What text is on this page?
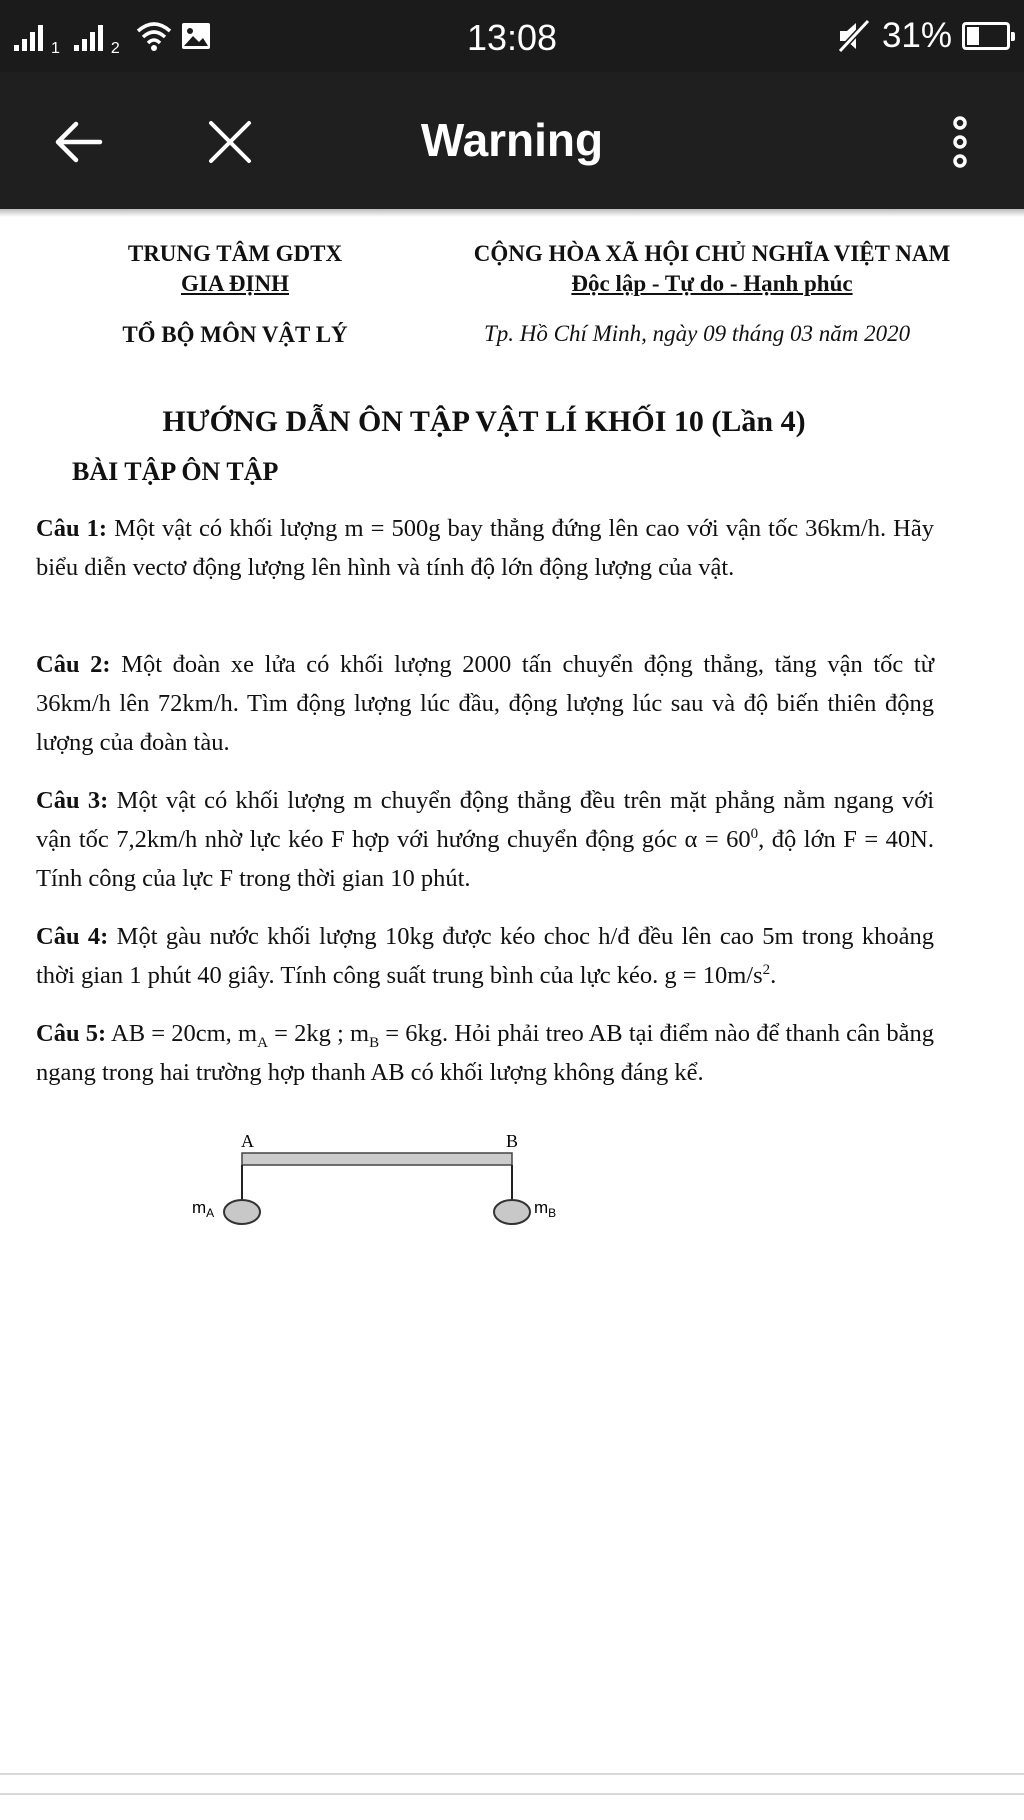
1	2	13:08	31%
Warning
TRUNG TÂM GDTX
GIA ĐỊNH
TỔ BỘ MÔN VẬT LÝ
CỘNG HÒA XÃ HỘI CHỦ NGHĨA VIỆT NAM
Độc lập - Tự do - Hạnh phúc
Tp. Hồ Chí Minh, ngày 09 tháng 03 năm 2020
HƯỚNG DẪN ÔN TẬP VẬT LÍ KHỐI 10 (Lần 4)
BÀI TẬP ÔN TẬP
Câu 1: Một vật có khối lượng m = 500g bay thẳng đứng lên cao với vận tốc 36km/h. Hãy biểu diễn vectơ động lượng lên hình và tính độ lớn động lượng của vật.
Câu 2: Một đoàn xe lửa có khối lượng 2000 tấn chuyển động thẳng, tăng vận tốc từ 36km/h lên 72km/h. Tìm động lượng lúc đầu, động lượng lúc sau và độ biến thiên động lượng của đoàn tàu.
Câu 3: Một vật có khối lượng m chuyển động thẳng đều trên mặt phẳng nằm ngang với vận tốc 7,2km/h nhờ lực kéo F hợp với hướng chuyển động góc $\alpha = 60^0$, độ lớn F = 40N. Tính công của lực F trong thời gian 10 phút.
Câu 4: Một gàu nước khối lượng 10kg được kéo choc h/đ đều lên cao 5m trong khoảng thời gian 1 phút 40 giây. Tính công suất trung bình của lực kéo. $g = 10m/s^2$.
Câu 5: AB = 20cm, $m_A = 2kg$ ; $m_B = 6kg$. Hỏi phải treo AB tại điểm nào để thanh cân bằng ngang trong hai trường hợp thanh AB có khối lượng không đáng kể.
A	B
$m_A$	$m_B$
